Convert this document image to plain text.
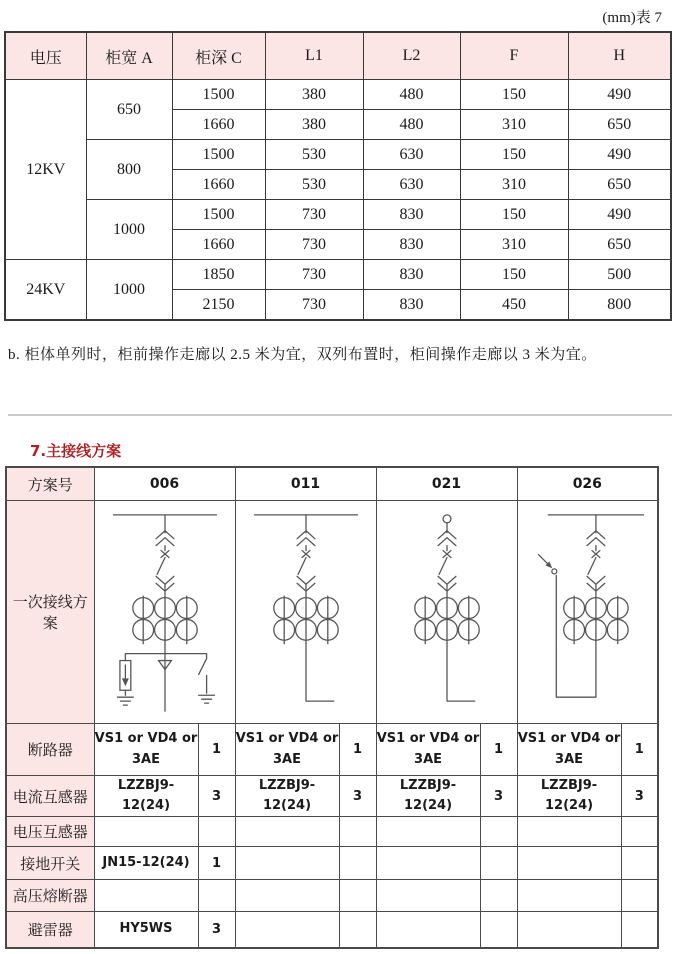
(mm)表 7
电压	柜宽 A	柜深 C	L1	L2	F	H
12KV	650	1500	380	480	150	490
		1660	380	480	310	650
	800	1500	530	630	150	490
		1660	530	630	310	650
	1000	1500	730	830	150	490
		1660	730	830	310	650
24KV	1000	1850	730	830	150	500
		2150	730	830	450	800
b. 柜体单列时，柜前操作走廊以 2.5 米为宜，双列布置时，柜间操作走廊以 3 米为宜。
7.主接线方案
方案号	006		011		021		026	
一次接线方案	

断路器	VS1 or VD4 or 3AE	1	VS1 or VD4 or 3AE	1	VS1 or VD4 or 3AE	1	VS1 or VD4 or 3AE	1
电流互感器	LZZBJ9-12(24)	3	LZZBJ9-12(24)	3	LZZBJ9-12(24)	3	LZZBJ9-12(24)	3
电压互感器								
接地开关	JN15-12(24)	1						
高压熔断器								
避雷器	HY5WS	3						
